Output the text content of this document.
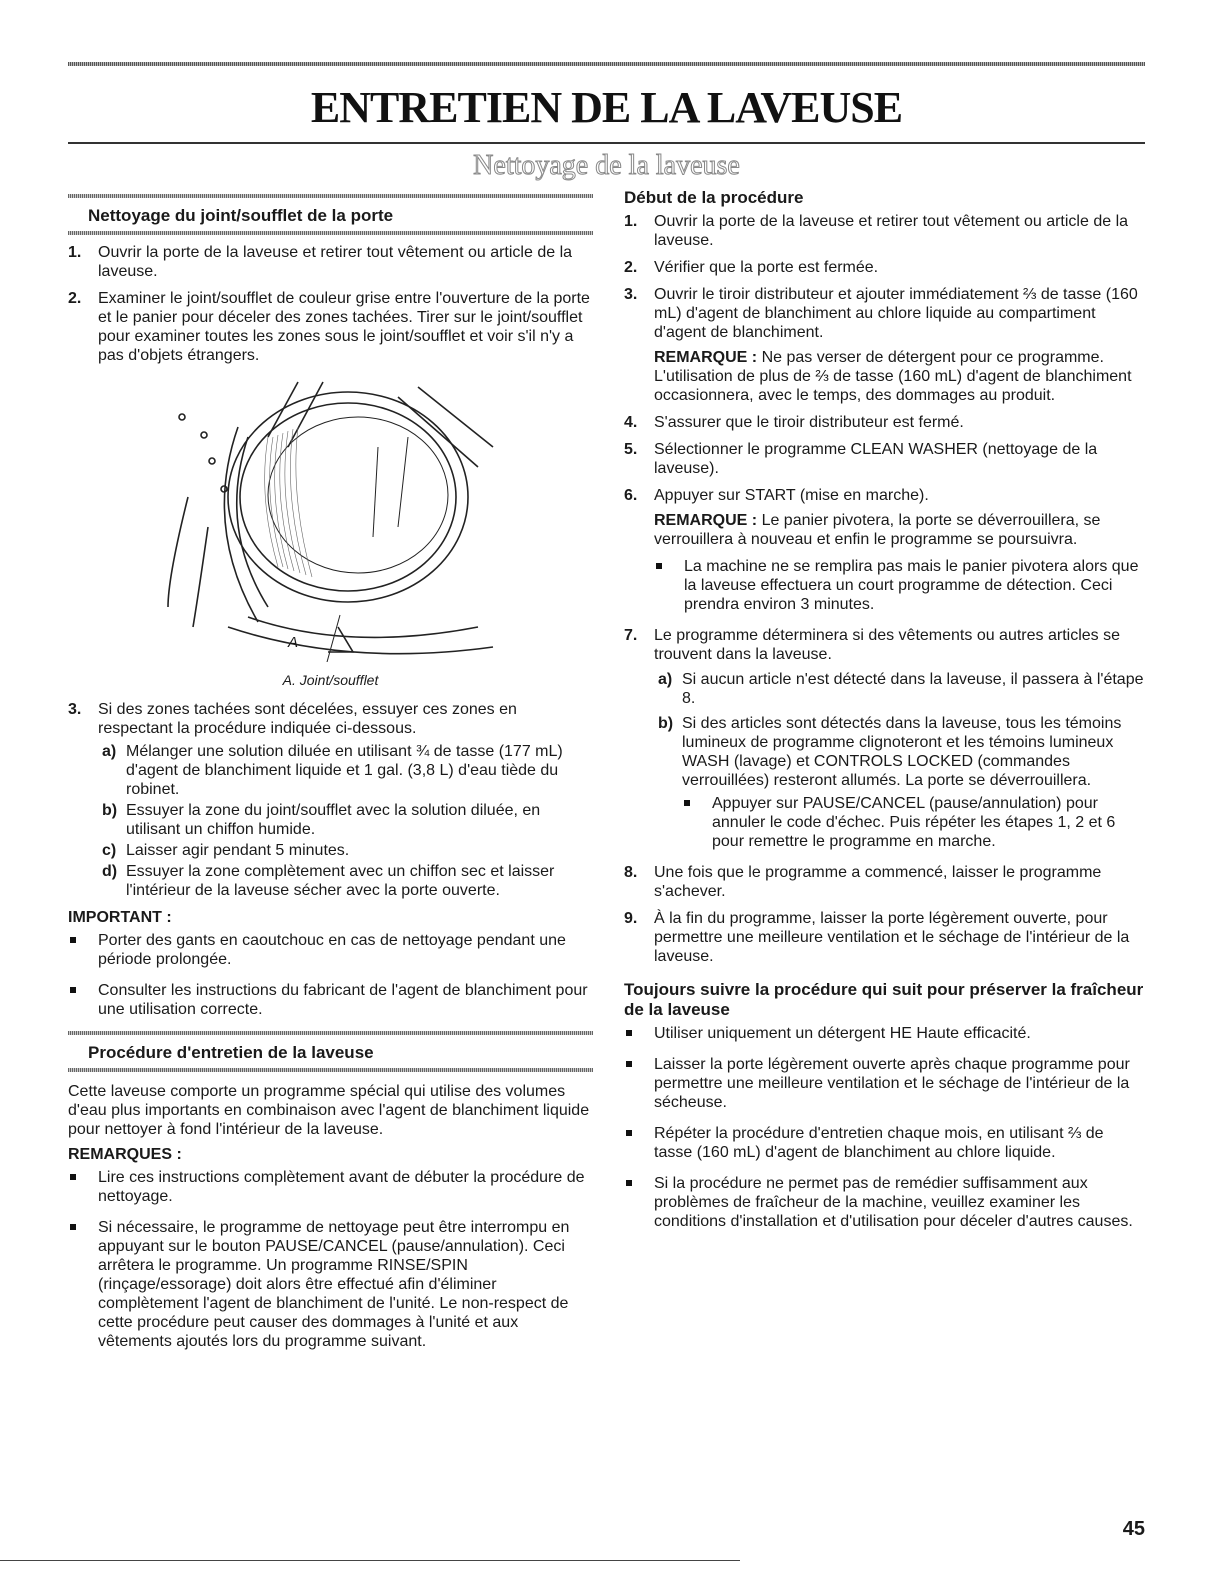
ENTRETIEN DE LA LAVEUSE
Nettoyage de la laveuse
Nettoyage du joint/soufflet de la porte
1. Ouvrir la porte de la laveuse et retirer tout vêtement ou article de la laveuse.
2. Examiner le joint/soufflet de couleur grise entre l'ouverture de la porte et le panier pour déceler des zones tachées. Tirer sur le joint/soufflet pour examiner toutes les zones sous le joint/soufflet et voir s'il n'y a pas d'objets étrangers.
A
A. Joint/soufflet
3. Si des zones tachées sont décelées, essuyer ces zones en respectant la procédure indiquée ci-dessous.
a) Mélanger une solution diluée en utilisant ¾ de tasse (177 mL) d'agent de blanchiment liquide et 1 gal. (3,8 L) d'eau tiède du robinet.
b) Essuyer la zone du joint/soufflet avec la solution diluée, en utilisant un chiffon humide.
c) Laisser agir pendant 5 minutes.
d) Essuyer la zone complètement avec un chiffon sec et laisser l'intérieur de la laveuse sécher avec la porte ouverte.
IMPORTANT :
Porter des gants en caoutchouc en cas de nettoyage pendant une période prolongée.
Consulter les instructions du fabricant de l'agent de blanchiment pour une utilisation correcte.
Procédure d'entretien de la laveuse

Cette laveuse comporte un programme spécial qui utilise des volumes d'eau plus importants en combinaison avec l'agent de blanchiment liquide pour nettoyer à fond l'intérieur de la laveuse.

REMARQUES :
Lire ces instructions complètement avant de débuter la procédure de nettoyage.
Si nécessaire, le programme de nettoyage peut être interrompu en appuyant sur le bouton PAUSE/CANCEL (pause/annulation). Ceci arrêtera le programme. Un programme RINSE/SPIN (rinçage/essorage) doit alors être effectué afin d'éliminer complètement l'agent de blanchiment de l'unité. Le non-respect de cette procédure peut causer des dommages à l'unité et aux vêtements ajoutés lors du programme suivant.
Début de la procédure
1. Ouvrir la porte de la laveuse et retirer tout vêtement ou article de la laveuse.
2. Vérifier que la porte est fermée.
3. Ouvrir le tiroir distributeur et ajouter immédiatement ⅔ de tasse (160 mL) d'agent de blanchiment au chlore liquide au compartiment d'agent de blanchiment.
REMARQUE : Ne pas verser de détergent pour ce programme. L'utilisation de plus de ⅔ de tasse (160 mL) d'agent de blanchiment occasionnera, avec le temps, des dommages au produit.
4. S'assurer que le tiroir distributeur est fermé.
5. Sélectionner le programme CLEAN WASHER (nettoyage de la laveuse).
6. Appuyer sur START (mise en marche).
REMARQUE : Le panier pivotera, la porte se déverrouillera, se verrouillera à nouveau et enfin le programme se poursuivra.
La machine ne se remplira pas mais le panier pivotera alors que la laveuse effectuera un court programme de détection. Ceci prendra environ 3 minutes.
7. Le programme déterminera si des vêtements ou autres articles se trouvent dans la laveuse.
a) Si aucun article n'est détecté dans la laveuse, il passera à l'étape 8.
b) Si des articles sont détectés dans la laveuse, tous les témoins lumineux de programme clignoteront et les témoins lumineux WASH (lavage) et CONTROLS LOCKED (commandes verrouillées) resteront allumés. La porte se déverrouillera.
Appuyer sur PAUSE/CANCEL (pause/annulation) pour annuler le code d'échec. Puis répéter les étapes 1, 2 et 6 pour remettre le programme en marche.
8. Une fois que le programme a commencé, laisser le programme s'achever.
9. À la fin du programme, laisser la porte légèrement ouverte, pour permettre une meilleure ventilation et le séchage de l'intérieur de la laveuse.
Toujours suivre la procédure qui suit pour préserver la fraîcheur de la laveuse
Utiliser uniquement un détergent HE Haute efficacité.
Laisser la porte légèrement ouverte après chaque programme pour permettre une meilleure ventilation et le séchage de l'intérieur de la sécheuse.
Répéter la procédure d'entretien chaque mois, en utilisant ⅔ de tasse (160 mL) d'agent de blanchiment au chlore liquide.
Si la procédure ne permet pas de remédier suffisamment aux problèmes de fraîcheur de la machine, veuillez examiner les conditions d'installation et d'utilisation pour déceler d'autres causes.
45
